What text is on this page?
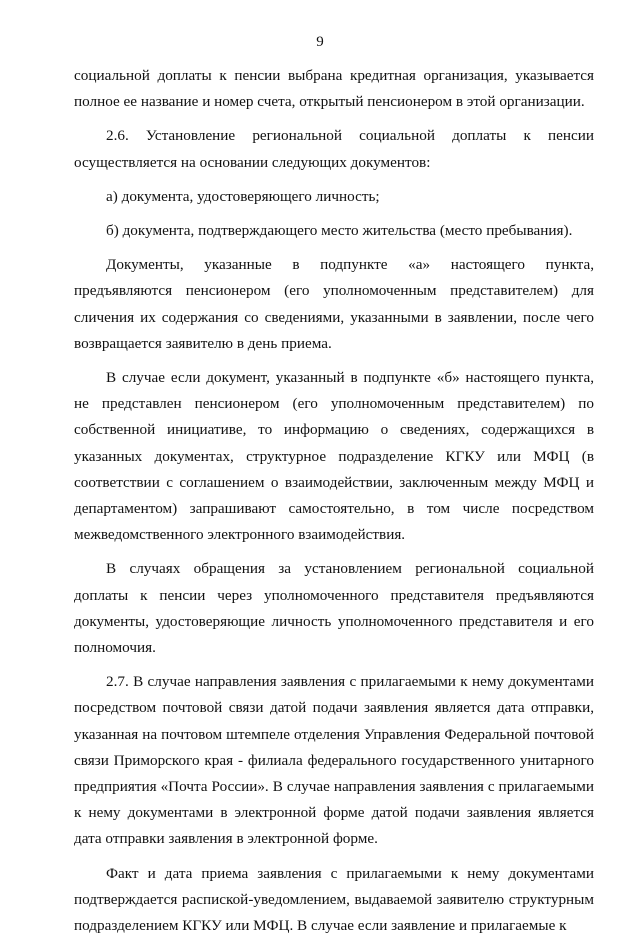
9

социальной доплаты к пенсии выбрана кредитная организация, указывается полное ее название и номер счета, открытый пенсионером в этой организации.

2.6. Установление региональной социальной доплаты к пенсии осуществляется на основании следующих документов:

а) документа, удостоверяющего личность;

б) документа, подтверждающего место жительства (место пребывания).

Документы, указанные в подпункте «а» настоящего пункта, предъявляются пенсионером (его уполномоченным представителем) для сличения их содержания со сведениями, указанными в заявлении, после чего возвращается заявителю в день приема.

В случае если документ, указанный в подпункте «б» настоящего пункта, не представлен пенсионером (его уполномоченным представителем) по собственной инициативе, то информацию о сведениях, содержащихся в указанных документах, структурное подразделение КГКУ или МФЦ (в соответствии с соглашением о взаимодействии, заключенным между МФЦ и департаментом) запрашивают самостоятельно, в том числе посредством межведомственного электронного взаимодействия.

В случаях обращения за установлением региональной социальной доплаты к пенсии через уполномоченного представителя предъявляются документы, удостоверяющие личность уполномоченного представителя и его полномочия.

2.7. В случае направления заявления с прилагаемыми к нему документами посредством почтовой связи датой подачи заявления является дата отправки, указанная на почтовом штемпеле отделения Управления Федеральной почтовой связи Приморского края - филиала федерального государственного унитарного предприятия «Почта России». В случае направления заявления с прилагаемыми к нему документами в электронной форме датой подачи заявления является дата отправки заявления в электронной форме.

Факт и дата приема заявления с прилагаемыми к нему документами подтверждается распиской-уведомлением, выдаваемой заявителю структурным подразделением КГКУ или МФЦ. В случае если заявление и прилагаемые к
